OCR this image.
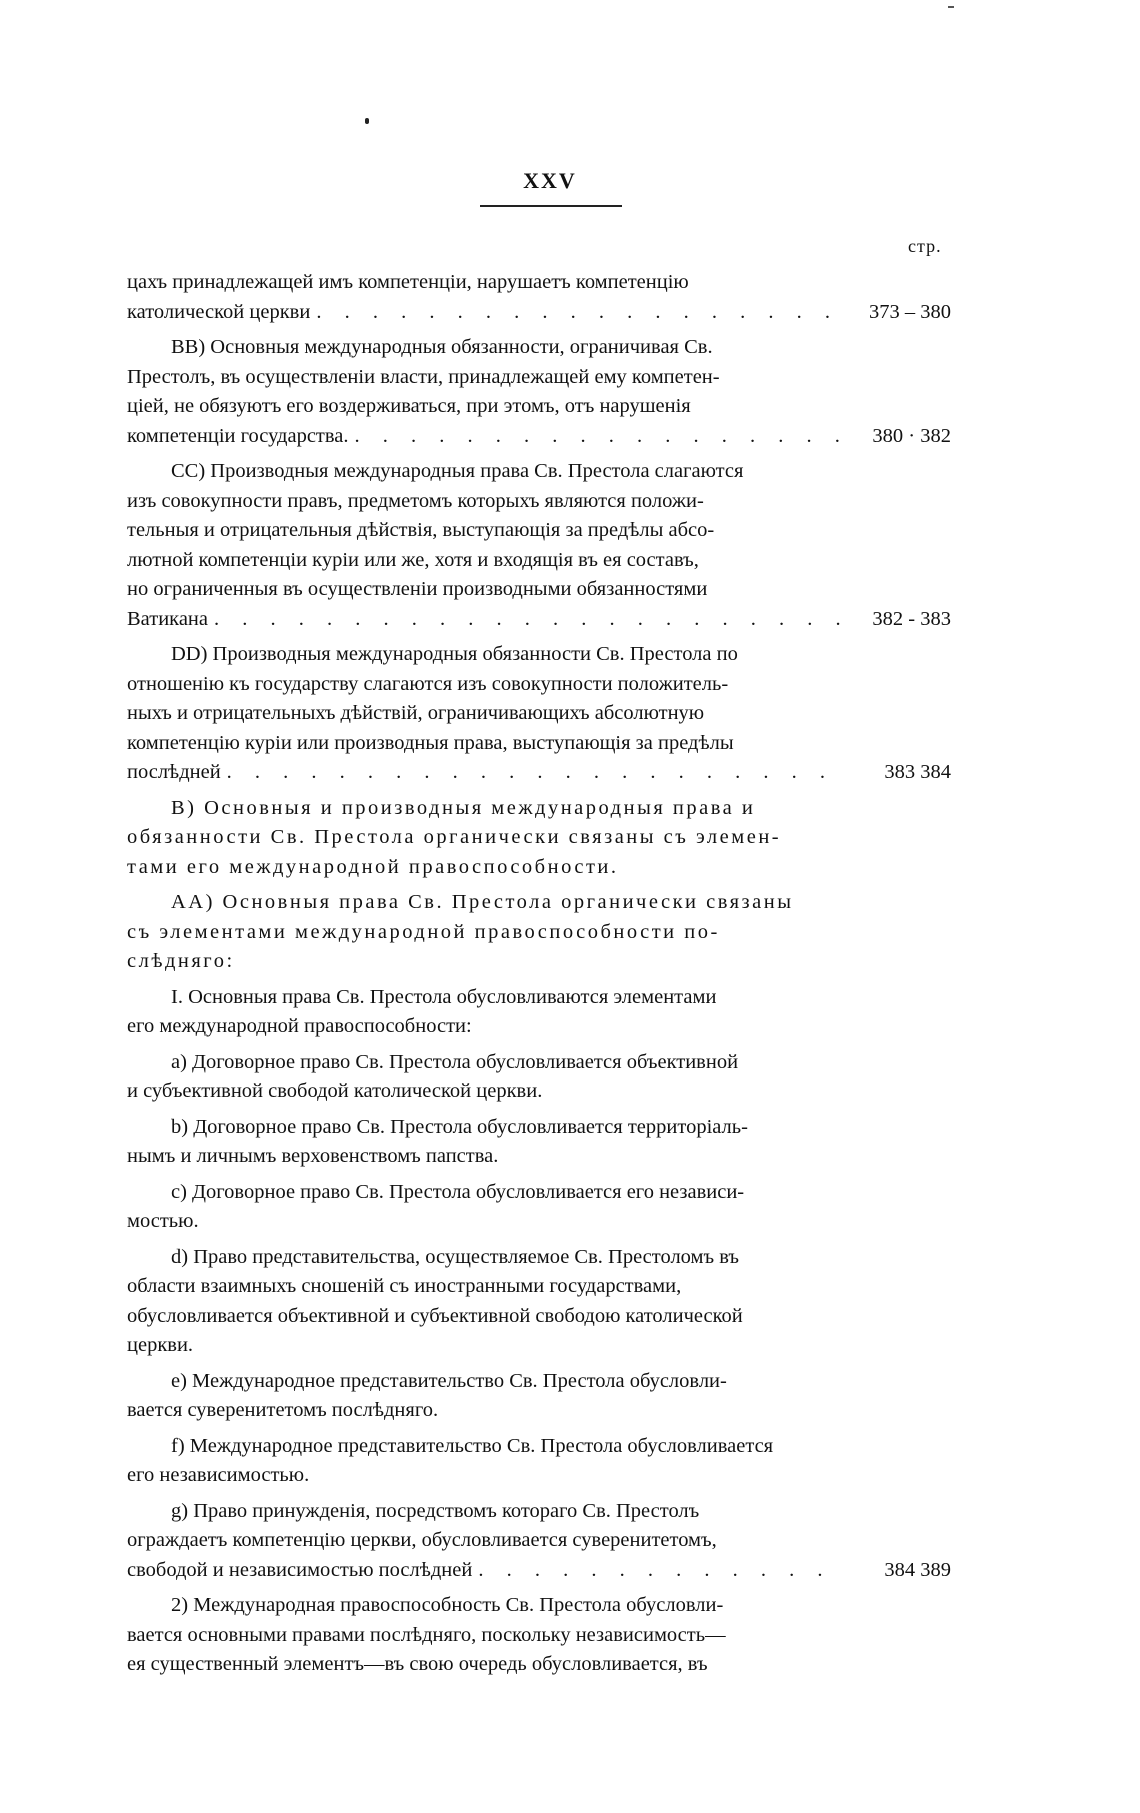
XXV
стр.
цахъ принадлежащей имъ компетенціи, нарушаетъ компетенцію
католической церкви . . .	373 – 380
ВВ) Основныя международныя обязанности, ограничивая Св.
Престолъ, въ осуществленіи власти, принадлежащей ему компетен-
ціей, не обязуютъ его воздерживаться, при этомъ, отъ нарушенія
компетенціи государства. . . .	380 · 382
СС) Производныя международныя права Св. Престола слагаются
изъ совокупности правъ, предметомъ которыхъ являются положи-
тельныя и отрицательныя дѣйствія, выступающія за предѣлы абсо-
лютной компетенціи куріи или же, хотя и входящія въ ея составъ,
но ограниченныя въ осуществленіи производными обязанностями
Ватикана . . .	382 - 383
DD) Производныя международныя обязанности Св. Престола по
отношенію къ государству слагаются изъ совокупности положитель-
ныхъ и отрицательныхъ дѣйствій, ограничивающихъ абсолютную
компетенцію куріи или производныя права, выступающія за предѣлы
послѣдней . . .	383 384
В) Основныя и производныя международныя права и
обязанности Св. Престола органически связаны съ элемен-
тами его международной правоспособности.
АА) Основныя права Св. Престола органически связаны
съ элементами международной правоспособности по-
слѣдняго:
I. Основныя права Св. Престола обусловливаются элементами
его международной правоспособности:
a) Договорное право Св. Престола обусловливается объективной
и субъективной свободой католической церкви.
b) Договорное право Св. Престола обусловливается территоріаль-
нымъ и личнымъ верховенствомъ папства.
c) Договорное право Св. Престола обусловливается его независи-
мостью.
d) Право представительства, осуществляемое Св. Престоломъ въ
области взаимныхъ сношеній съ иностранными государствами,
обусловливается объективной и субъективной свободою католической
церкви.
e) Международное представительство Св. Престола обусловли-
вается суверенитетомъ послѣдняго.
f) Международное представительство Св. Престола обусловливается
его независимостью.
g) Право принужденія, посредствомъ котораго Св. Престолъ
ограждаетъ компетенцію церкви, обусловливается суверенитетомъ,
свободой и независимостью послѣдней . . .	384 389
2) Международная правоспособность Св. Престола обусловли-
вается основными правами послѣдняго, поскольку независимость—
ея существенный элементъ—въ свою очередь обусловливается, въ
